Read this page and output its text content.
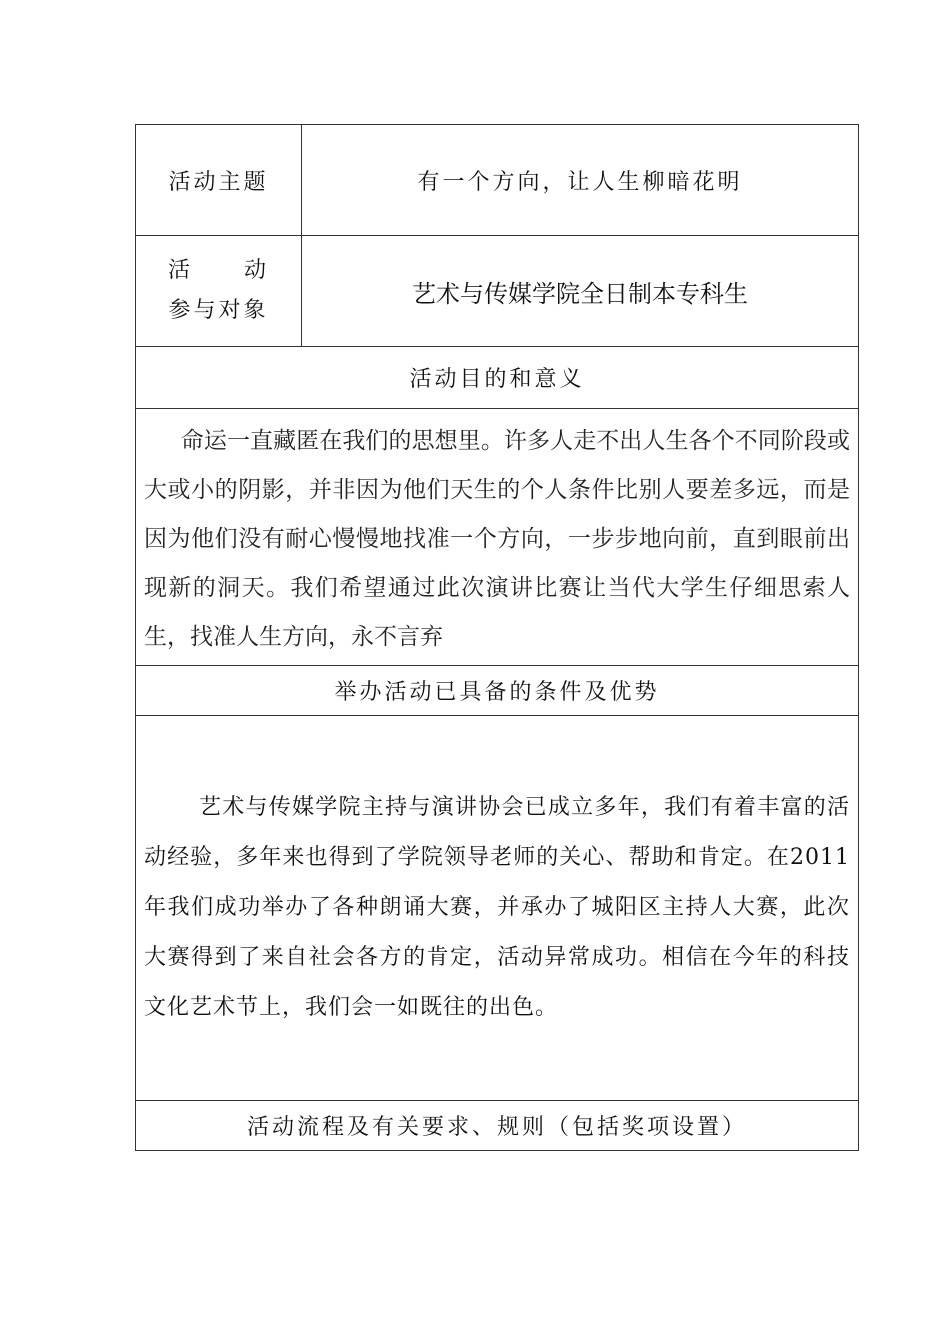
活动主题	有一个方向，让人生柳暗花明

活 动
参与对象	艺术与传媒学院全日制本专科生
活动目的和意义	

命运一直藏匿在我们的思想里。许多人走不出人生各个不同阶段或大或小的阴影，并非因为他们天生的个人条件比别人要差多远，而是因为他们没有耐心慢慢地找准一个方向，一步步地向前，直到眼前出现新的洞天。我们希望通过此次演讲比赛让当代大学生仔细思索人生，找准人生方向，永不言弃	

举办活动已具备的条件及优势	

艺术与传媒学院主持与演讲协会已成立多年，我们有着丰富的活动经验，多年来也得到了学院领导老师的关心、帮助和肯定。在2011年我们成功举办了各种朗诵大赛，并承办了城阳区主持人大赛，此次大赛得到了来自社会各方的肯定，活动异常成功。相信在今年的科技文化艺术节上，我们会一如既往的出色。	

活动流程及有关要求、规则（包括奖项设置）	
